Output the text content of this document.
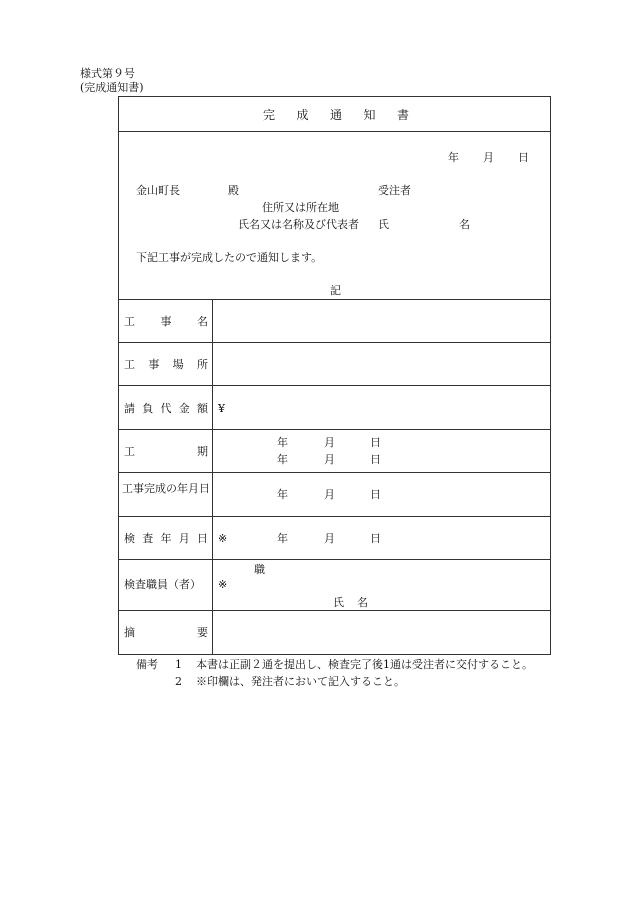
様式第９号
(完成通知書)
完 成 通 知 書
年 月 日
金山町長	殿	受注者
住所又は所在地
氏名又は名称及び代表者 氏	名
下記工事が完成したので通知します。
記
工 事 名
工 事 場 所
請 負 代 金 額 ¥
工	期
年	月	日
年	月	日
工事完成の年月日	年	月	日
検 査 年 月 日 ※	年	月	日
検査職員（者）
職
※
氏 名
摘	要
備考 1 本書は正副２通を提出し、検査完了後1通は受注者に交付すること。
2 ※印欄は、発注者において記入すること。
